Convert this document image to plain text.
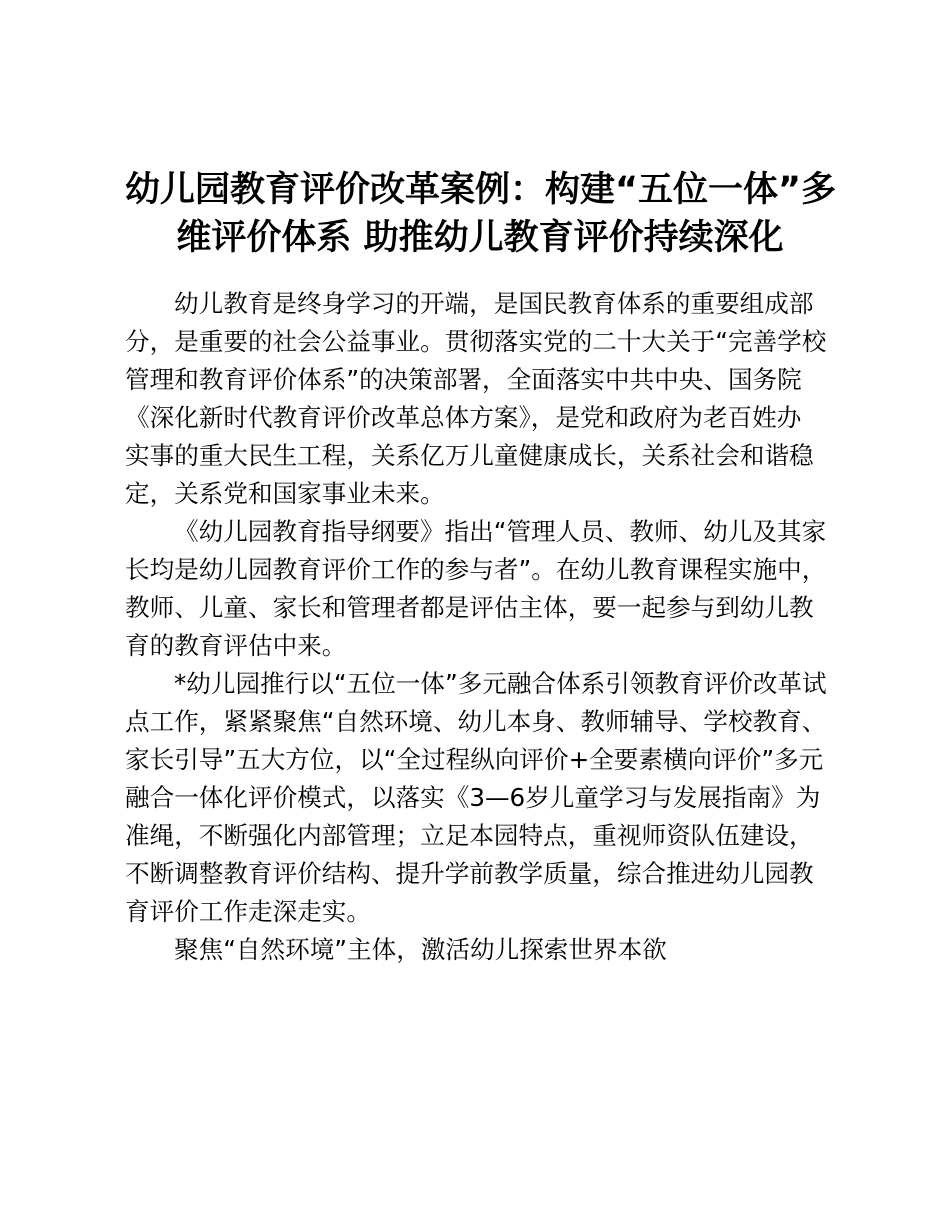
幼儿园教育评价改革案例：构建“五位一体”多
维评价体系 助推幼儿教育评价持续深化

幼儿教育是终身学习的开端，是国民教育体系的重要组成部
分，是重要的社会公益事业。贯彻落实党的二十大关于“完善学校
管理和教育评价体系”的决策部署，全面落实中共中央、国务院
《深化新时代教育评价改革总体方案》，是党和政府为老百姓办
实事的重大民生工程，关系亿万儿童健康成长，关系社会和谐稳
定，关系党和国家事业未来。

《幼儿园教育指导纲要》指出“管理人员、教师、幼儿及其家
长均是幼儿园教育评价工作的参与者”。在幼儿教育课程实施中，
教师、儿童、家长和管理者都是评估主体，要一起参与到幼儿教
育的教育评估中来。

*幼儿园推行以“五位一体”多元融合体系引领教育评价改革试
点工作，紧紧聚焦“自然环境、幼儿本身、教师辅导、学校教育、
家长引导”五大方位，以“全过程纵向评价+全要素横向评价”多元
融合一体化评价模式，以落实《3—6岁儿童学习与发展指南》为
准绳，不断强化内部管理；立足本园特点，重视师资队伍建设，
不断调整教育评价结构、提升学前教学质量，综合推进幼儿园教
育评价工作走深走实。

聚焦“自然环境”主体，激活幼儿探索世界本欲
